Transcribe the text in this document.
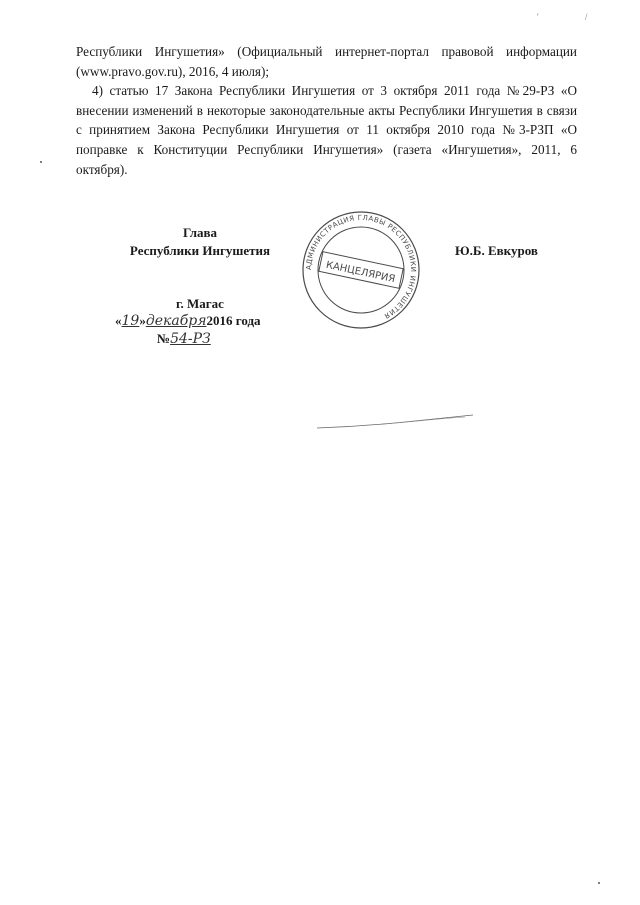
' /

Республики Ингушетия» (Официальный интернет-портал правовой информации (www.pravo.gov.ru), 2016, 4 июля);

4) статью 17 Закона Республики Ингушетия от 3 октября 2011 года №29-РЗ «О внесении изменений в некоторые законодательные акты Республики Ингушетия в связи с принятием Закона Республики Ингушетия от 11 октября 2010 года №3-РЗП «О поправке к Конституции Республики Ингушетия» (газета «Ингушетия», 2011, 6 октября).

Глава
Республики Ингушетия	Ю.Б. Евкуров
АДМИНИСТРАЦИЯ ГЛАВЫ РЕСПУБЛИКИ ИНГУШЕТИЯ
КАНЦЕЛЯРИЯ
г. Магас
«19»декабря2016 года
№54-РЗ
